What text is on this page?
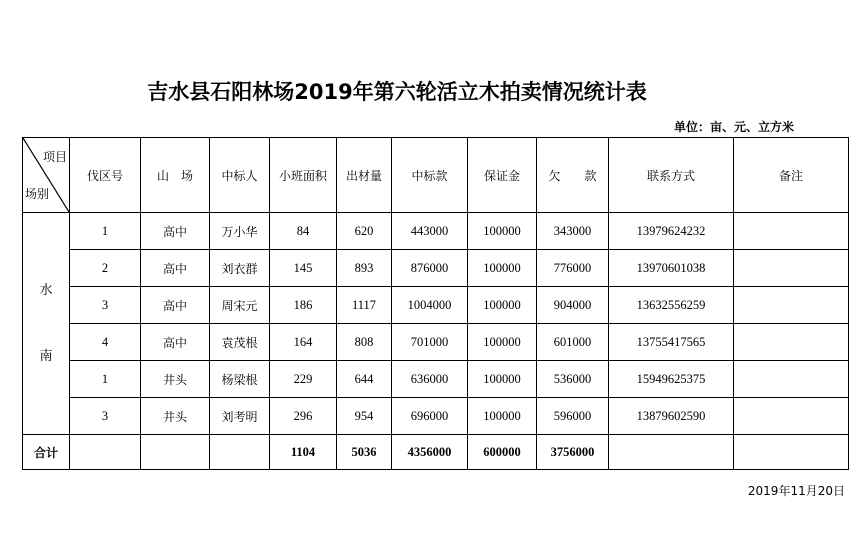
吉水县石阳林场2019年第六轮活立木拍卖情况统计表
单位：亩、元、立方米
项目
场别	伐区号	山　场	中标人	小班面积	出材量	中标款	保证金	欠　　款	联系方式	备注

水
南	1	高中	万小华	84	620	443000	100000	343000	13979624232	
	2	高中	刘衣群	145	893	876000	100000	776000	13970601038	
	3	高中	周宋元	186	1117	1004000	100000	904000	13632556259	
	4	高中	袁茂根	164	808	701000	100000	601000	13755417565	
	1	井头	杨梁根	229	644	636000	100000	536000	15949625375	
	3	井头	刘考明	296	954	696000	100000	596000	13879602590	
合计				1104	5036	4356000	600000	3756000		
2019年11月20日
